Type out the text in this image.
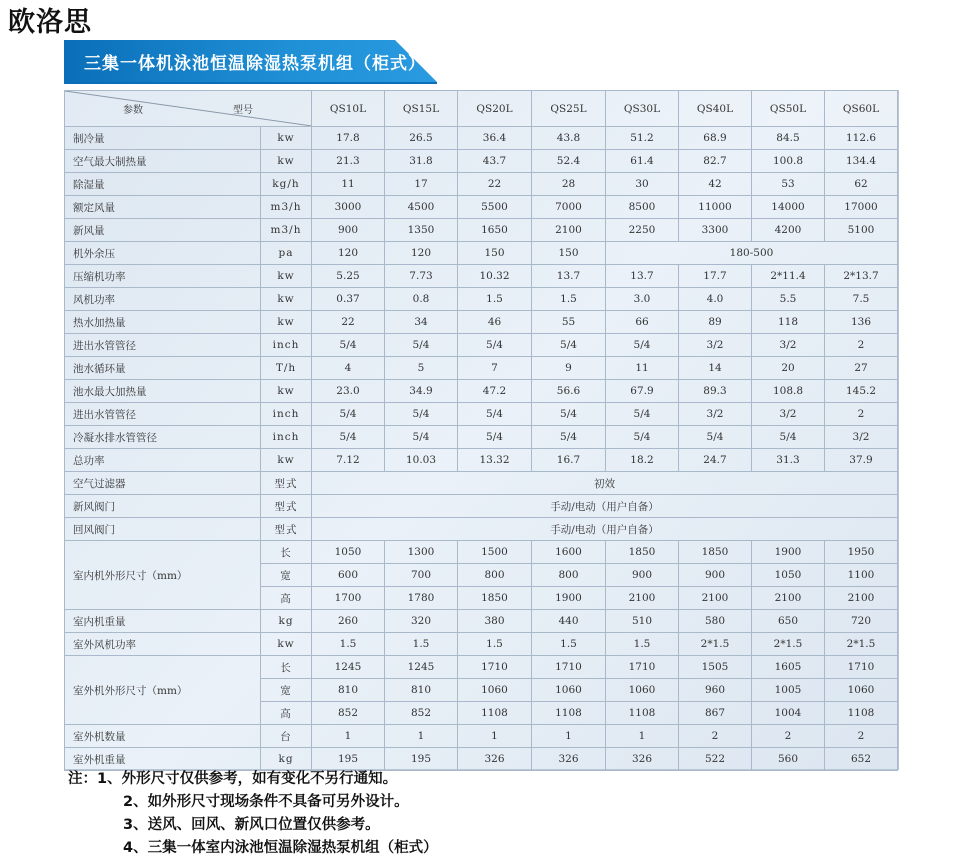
欧洛思
三集一体机泳池恒温除湿热泵机组（柜式）
参数 型号		QS10L	QS15L	QS20L	QS25L	QS30L	QS40L	QS50L	QS60L
制冷量	kw	17.8	26.5	36.4	43.8	51.2	68.9	84.5	112.6
空气最大制热量	kw	21.3	31.8	43.7	52.4	61.4	82.7	100.8	134.4
除湿量	kg/h	11	17	22	28	30	42	53	62
额定风量	m3/h	3000	4500	5500	7000	8500	11000	14000	17000
新风量	m3/h	900	1350	1650	2100	2250	3300	4200	5100
机外余压	pa	120	120	150	150	180-500			
压缩机功率	kw	5.25	7.73	10.32	13.7	13.7	17.7	2*11.4	2*13.7
风机功率	kw	0.37	0.8	1.5	1.5	3.0	4.0	5.5	7.5
热水加热量	kw	22	34	46	55	66	89	118	136
进出水管管径	inch	5/4	5/4	5/4	5/4	5/4	3/2	3/2	2
池水循环量	T/h	4	5	7	9	11	14	20	27
池水最大加热量	kw	23.0	34.9	47.2	56.6	67.9	89.3	108.8	145.2
进出水管管径	inch	5/4	5/4	5/4	5/4	5/4	3/2	3/2	2
冷凝水排水管管径	inch	5/4	5/4	5/4	5/4	5/4	5/4	5/4	3/2
总功率	kw	7.12	10.03	13.32	16.7	18.2	24.7	31.3	37.9
空气过滤器	型式	初效							
新风阀门	型式	手动/电动（用户自备）							
回风阀门	型式	手动/电动（用户自备）							
室内机外形尺寸（mm）	长	1050	1300	1500	1600	1850	1850	1900	1950
	宽	600	700	800	800	900	900	1050	1100
	高	1700	1780	1850	1900	2100	2100	2100	2100
室内机重量	kg	260	320	380	440	510	580	650	720
室外风机功率	kw	1.5	1.5	1.5	1.5	1.5	2*1.5	2*1.5	2*1.5
室外机外形尺寸（mm）	长	1245	1245	1710	1710	1710	1505	1605	1710
	宽	810	810	1060	1060	1060	960	1005	1060
	高	852	852	1108	1108	1108	867	1004	1108
室外机数量	台	1	1	1	1	1	2	2	2
室外机重量	kg	195	195	326	326	326	522	560	652
注：1、外形尺寸仅供参考，如有变化不另行通知。
2、如外形尺寸现场条件不具备可另外设计。
3、送风、回风、新风口位置仅供参考。
4、三集一体室内泳池恒温除湿热泵机组（柜式）
